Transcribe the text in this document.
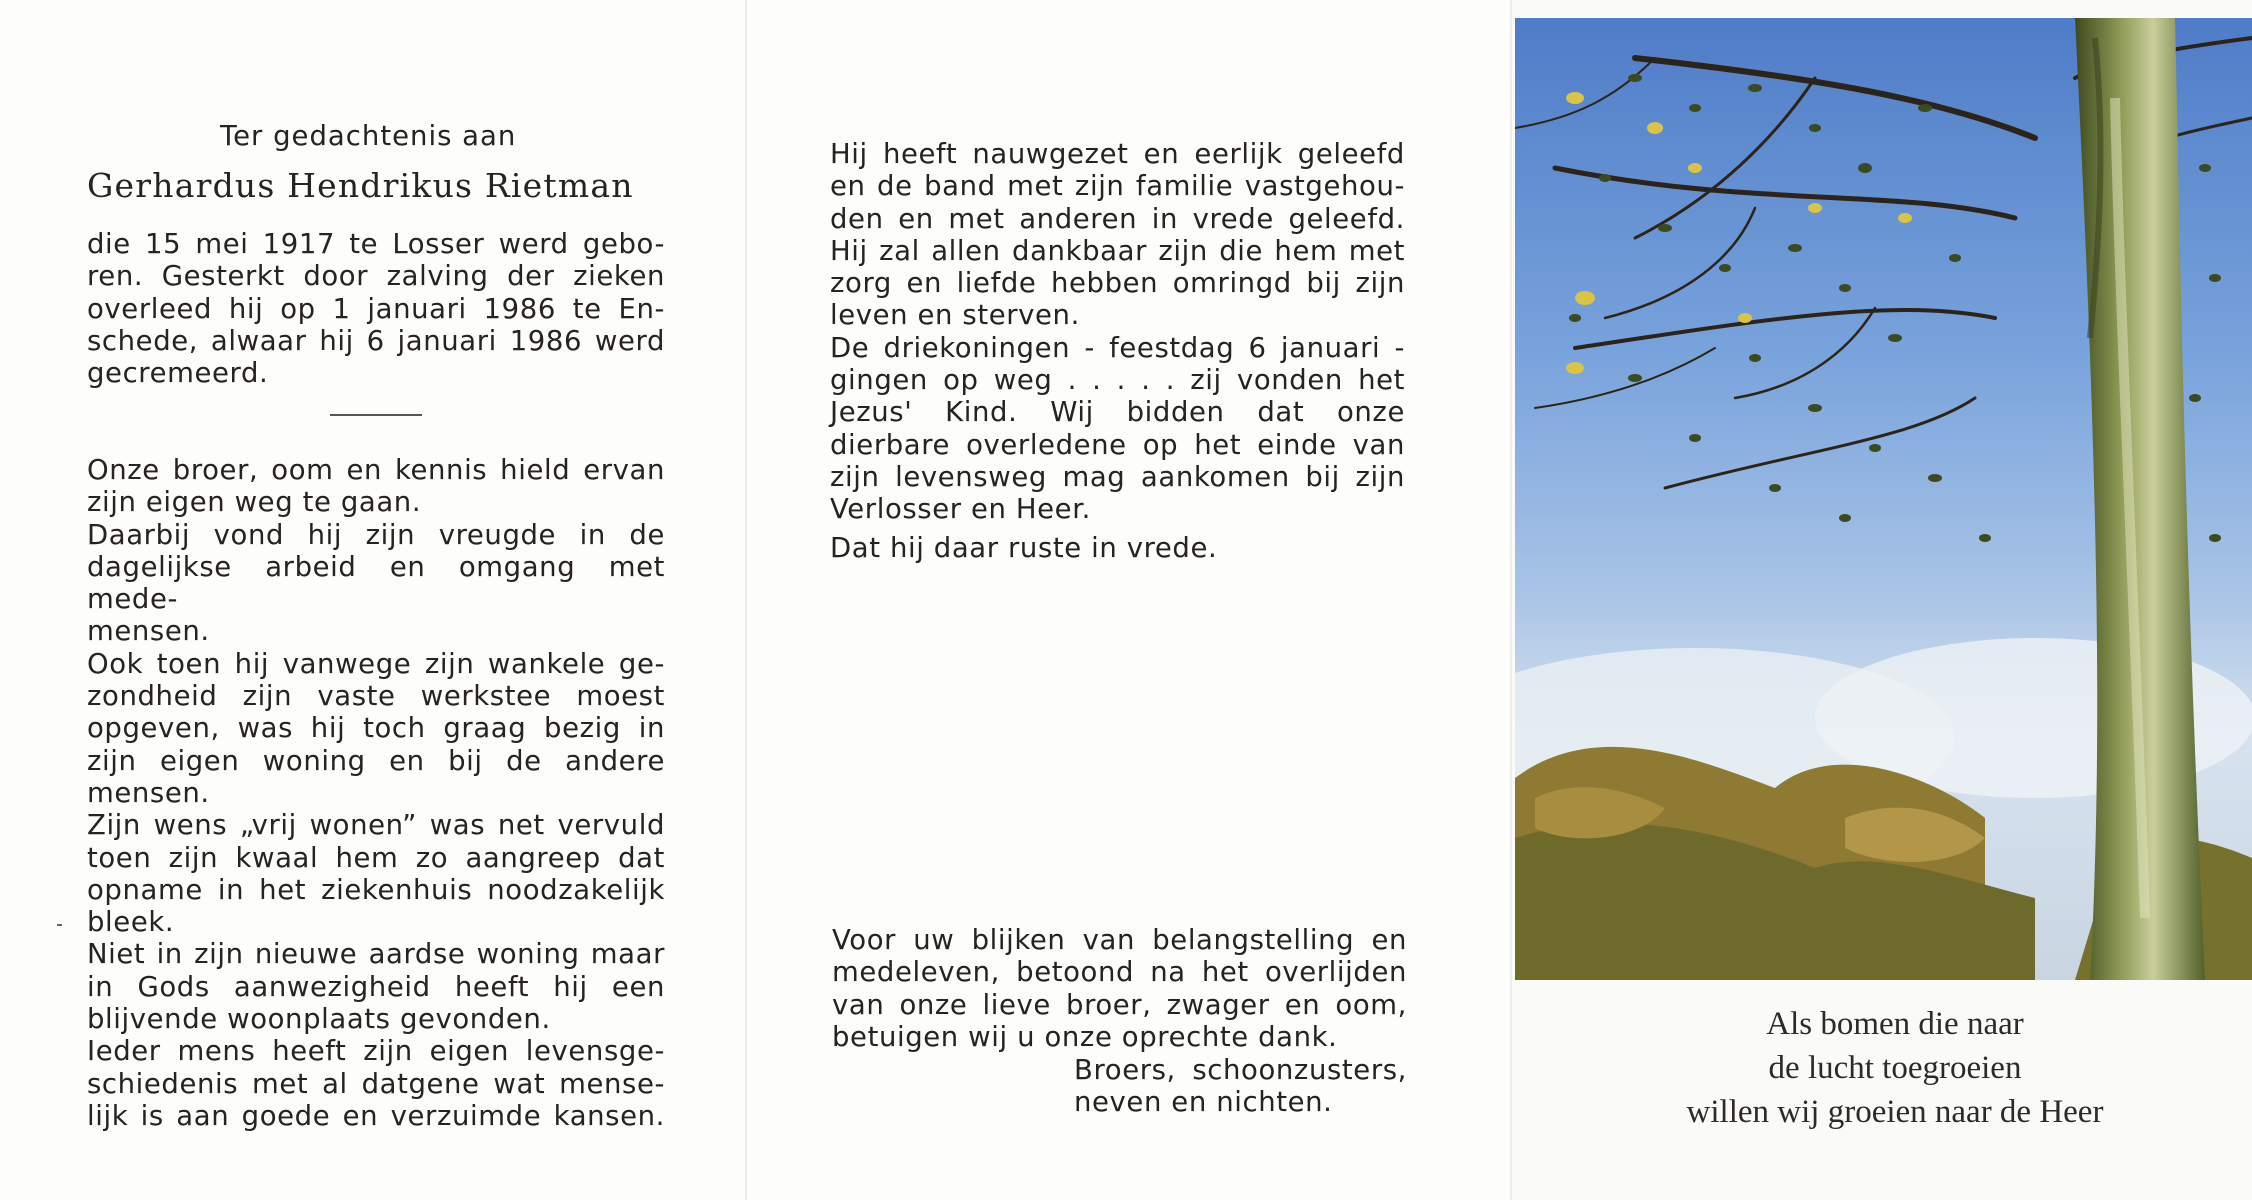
Ter gedachtenis aan
Gerhardus Hendrikus Rietman

die 15 mei 1917 te Losser werd gebo-

ren. Gesterkt door zalving der zieken

overleed hij op 1 januari 1986 te En-

schede, alwaar hij 6 januari 1986 werd

gecremeerd.

Onze broer, oom en kennis hield ervan

zijn eigen weg te gaan.

Daarbij vond hij zijn vreugde in de

dagelijkse arbeid en omgang met mede-

mensen.

Ook toen hij vanwege zijn wankele ge-

zondheid zijn vaste werkstee moest

opgeven, was hij toch graag bezig in

zijn eigen woning en bij de andere

mensen.

Zijn wens „vrij wonen” was net vervuld

toen zijn kwaal hem zo aangreep dat

opname in het ziekenhuis noodzakelijk

bleek.

Niet in zijn nieuwe aardse woning maar

in Gods aanwezigheid heeft hij een

blijvende woonplaats gevonden.

Ieder mens heeft zijn eigen levensge-

schiedenis met al datgene wat mense-

lijk is aan goede en verzuimde kansen.

Hij heeft nauwgezet en eerlijk geleefd

en de band met zijn familie vastgehou-

den en met anderen in vrede geleefd.

Hij zal allen dankbaar zijn die hem met

zorg en liefde hebben omringd bij zijn

leven en sterven.

De driekoningen - feestdag 6 januari -

gingen op weg . . . . . zij vonden het

Jezus' Kind. Wij bidden dat onze

dierbare overledene op het einde van

zijn levensweg mag aankomen bij zijn

Verlosser en Heer.

Dat hij daar ruste in vrede.

Voor uw blijken van belangstelling en

medeleven, betoond na het overlijden

van onze lieve broer, zwager en oom,

betuigen wij u onze oprechte dank.

Broers, schoonzusters,

neven en nichten.

Als bomen die naar
de lucht toegroeien
willen wij groeien naar de Heer
